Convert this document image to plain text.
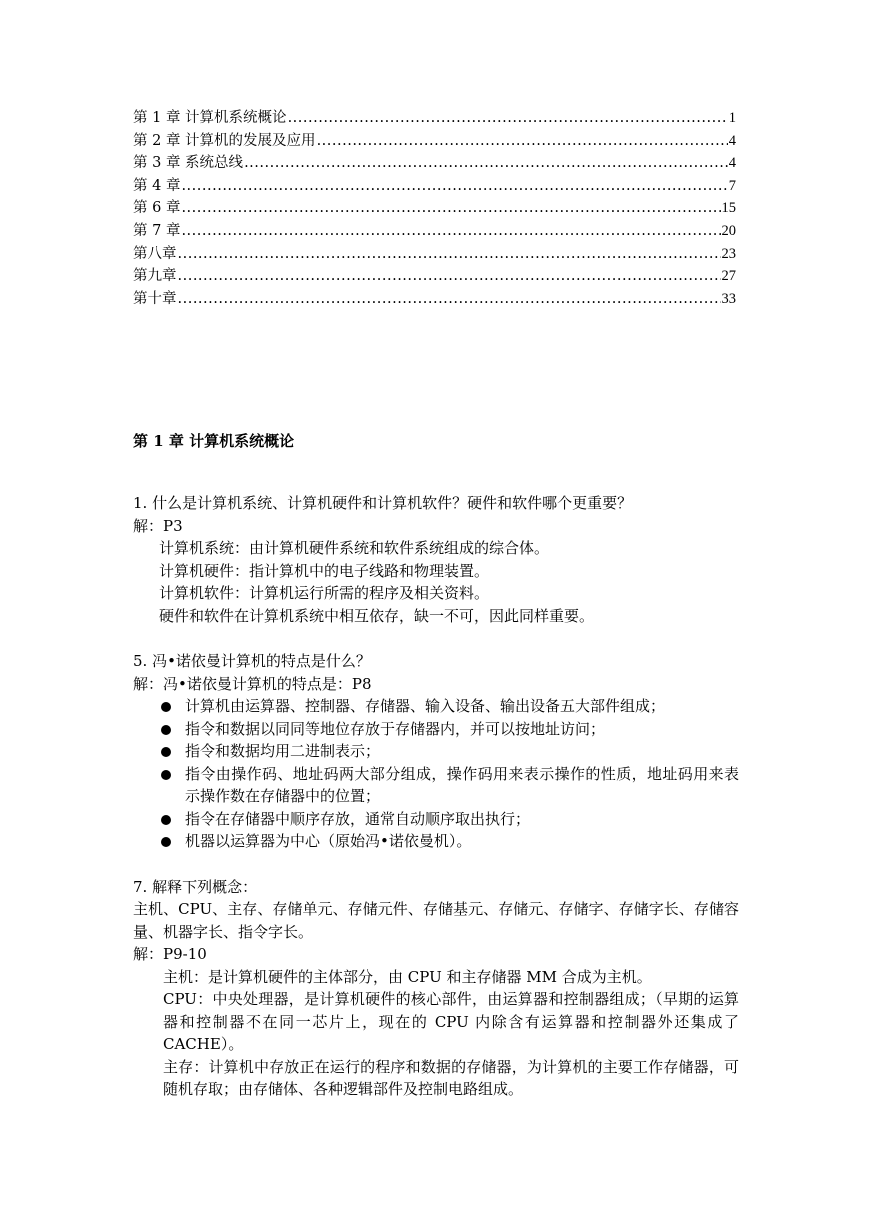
第 1 章 计算机系统概论 .....	1
第 2 章 计算机的发展及应用 .....	4
第 3 章 系统总线 .....	4
第 4 章 .....	7
第 6 章 .....	15
第 7 章 .....	20
第八章 .....	23
第九章 .....	27
第十章 .....	33
第 1 章 计算机系统概论
1. 什么是计算机系统、计算机硬件和计算机软件？硬件和软件哪个更重要？
解：P3
计算机系统：由计算机硬件系统和软件系统组成的综合体。
计算机硬件：指计算机中的电子线路和物理装置。
计算机软件：计算机运行所需的程序及相关资料。
硬件和软件在计算机系统中相互依存，缺一不可，因此同样重要。
5. 冯•诺依曼计算机的特点是什么？
解：冯•诺依曼计算机的特点是：P8
计算机由运算器、控制器、存储器、输入设备、输出设备五大部件组成；
指令和数据以同同等地位存放于存储器内，并可以按地址访问；
指令和数据均用二进制表示；
指令由操作码、地址码两大部分组成，操作码用来表示操作的性质，地址码用来表示操作数在存储器中的位置；
指令在存储器中顺序存放，通常自动顺序取出执行；
机器以运算器为中心（原始冯•诺依曼机）。
7. 解释下列概念：
主机、CPU、主存、存储单元、存储元件、存储基元、存储元、存储字、存储字长、存储容量、机器字长、指令字长。
解：P9-10
主机：是计算机硬件的主体部分，由 CPU 和主存储器 MM 合成为主机。
CPU：中央处理器，是计算机硬件的核心部件，由运算器和控制器组成；（早期的运算器和控制器不在同一芯片上，现在的 CPU 内除含有运算器和控制器外还集成了 CACHE）。
主存：计算机中存放正在运行的程序和数据的存储器，为计算机的主要工作存储器，可随机存取；由存储体、各种逻辑部件及控制电路组成。
